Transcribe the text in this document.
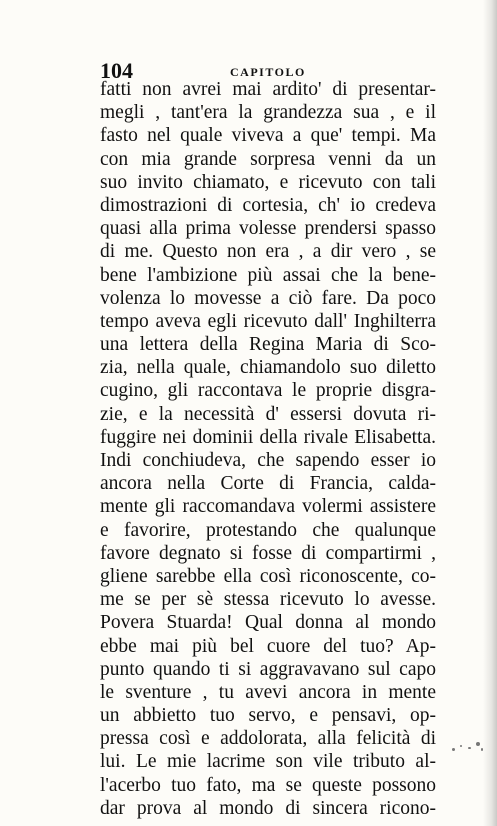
104	CAPITOLO
fatti non avrei mai ardito' di presentar-
megli , tant'era la grandezza sua , e il
fasto nel quale viveva a que' tempi. Ma
con mia grande sorpresa venni da un
suo invito chiamato, e ricevuto con tali
dimostrazioni di cortesia, ch' io credeva
quasi alla prima volesse prendersi spasso
di me. Questo non era , a dir vero , se
bene l'ambizione più assai che la bene-
volenza lo movesse a ciò fare. Da poco
tempo aveva egli ricevuto dall' Inghilterra
una lettera della Regina Maria di Sco-
zia, nella quale, chiamandolo suo diletto
cugino, gli raccontava le proprie disgra-
zie, e la necessità d' essersi dovuta ri-
fuggire nei dominii della rivale Elisabetta.
Indi conchiudeva, che sapendo esser io
ancora nella Corte di Francia, calda-
mente gli raccomandava volermi assistere
e favorire, protestando che qualunque
favore degnato si fosse di compartirmi ,
gliene sarebbe ella così riconoscente, co-
me se per sè stessa ricevuto lo avesse.
Povera Stuarda! Qual donna al mondo
ebbe mai più bel cuore del tuo? Ap-
punto quando ti si aggravavano sul capo
le sventure , tu avevi ancora in mente
un abbietto tuo servo, e pensavi, op-
pressa così e addolorata, alla felicità di
lui. Le mie lacrime son vile tributo al-
l'acerbo tuo fato, ma se queste possono
dar prova al mondo di sincera ricono-
